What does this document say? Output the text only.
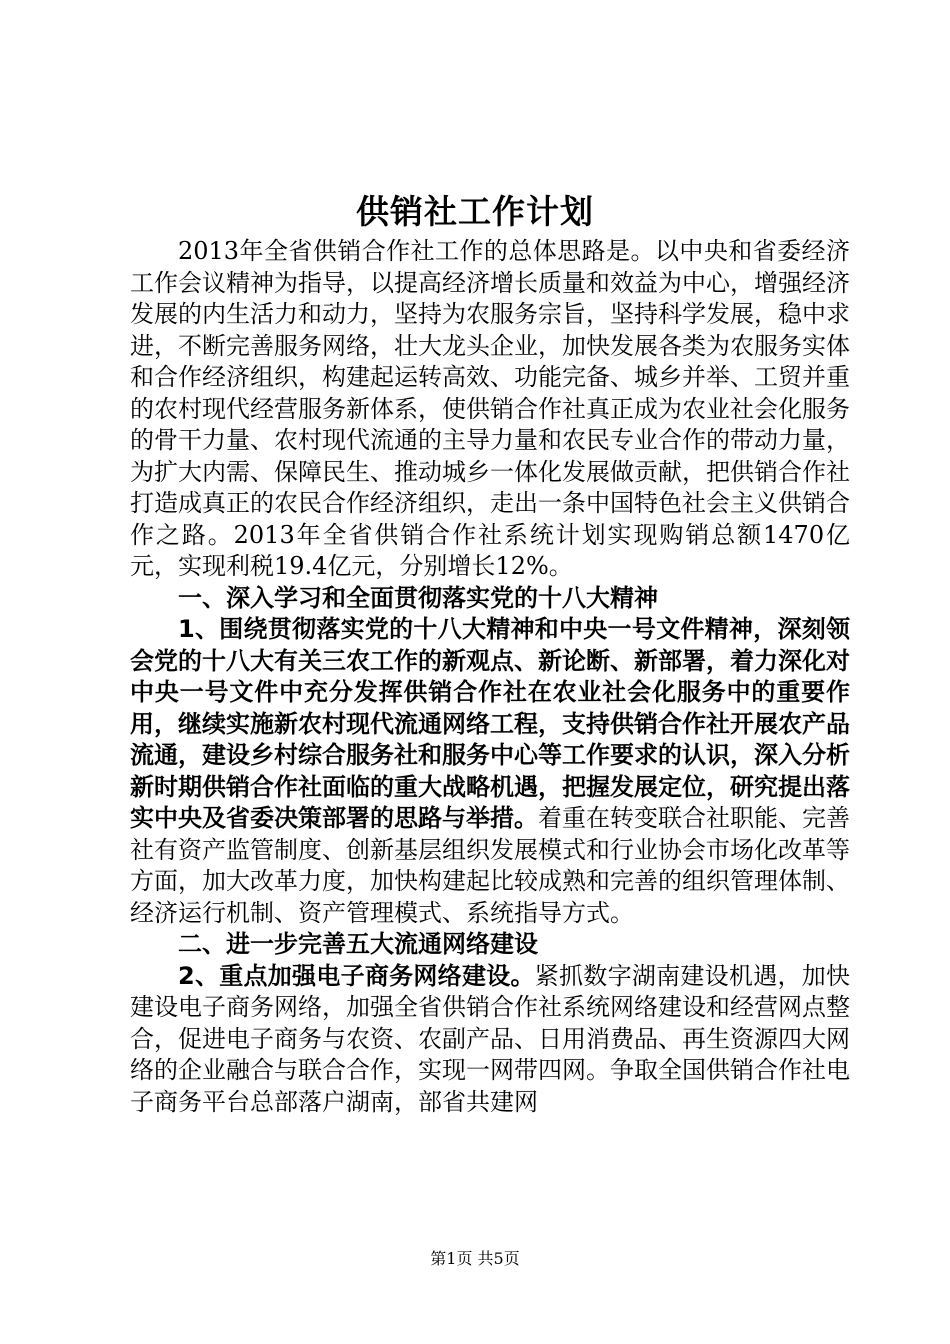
供销社工作计划

2013年全省供销合作社工作的总体思路是。以中央和省委经济工作会议精神为指导，以提高经济增长质量和效益为中心，增强经济发展的内生活力和动力，坚持为农服务宗旨，坚持科学发展，稳中求进，不断完善服务网络，壮大龙头企业，加快发展各类为农服务实体和合作经济组织，构建起运转高效、功能完备、城乡并举、工贸并重的农村现代经营服务新体系，使供销合作社真正成为农业社会化服务的骨干力量、农村现代流通的主导力量和农民专业合作的带动力量，为扩大内需、保障民生、推动城乡一体化发展做贡献，把供销合作社打造成真正的农民合作经济组织，走出一条中国特色社会主义供销合作之路。2013年全省供销合作社系统计划实现购销总额1470亿元，实现利税19.4亿元，分别增长12%。

一、深入学习和全面贯彻落实党的十八大精神

1、围绕贯彻落实党的十八大精神和中央一号文件精神，深刻领会党的十八大有关三农工作的新观点、新论断、新部署，着力深化对中央一号文件中充分发挥供销合作社在农业社会化服务中的重要作用，继续实施新农村现代流通网络工程，支持供销合作社开展农产品流通，建设乡村综合服务社和服务中心等工作要求的认识，深入分析新时期供销合作社面临的重大战略机遇，把握发展定位，研究提出落实中央及省委决策部署的思路与举措。着重在转变联合社职能、完善社有资产监管制度、创新基层组织发展模式和行业协会市场化改革等方面，加大改革力度，加快构建起比较成熟和完善的组织管理体制、经济运行机制、资产管理模式、系统指导方式。

二、进一步完善五大流通网络建设

2、重点加强电子商务网络建设。紧抓数字湖南建设机遇，加快建设电子商务网络，加强全省供销合作社系统网络建设和经营网点整合，促进电子商务与农资、农副产品、日用消费品、再生资源四大网络的企业融合与联合合作，实现一网带四网。争取全国供销合作社电子商务平台总部落户湖南，部省共建网

第1页 共5页
